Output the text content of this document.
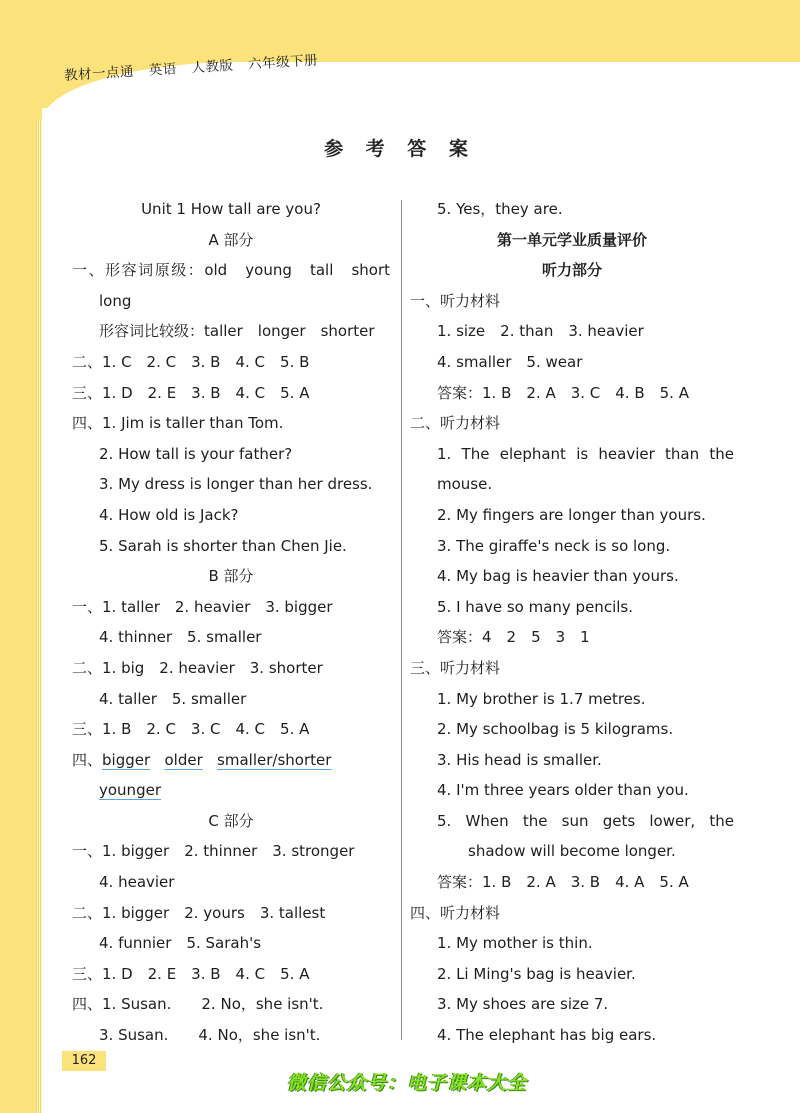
教材一点通 英语 人教版 六年级下册
参 考 答 案
Unit 1 How tall are you?
A 部分
一、形容词原级：old　young　tall　short
long
形容词比较级：taller　longer　shorter
二、1. C　2. C　3. B　4. C　5. B
三、1. D　2. E　3. B　4. C　5. A
四、1. Jim is taller than Tom.
2. How tall is your father?
3. My dress is longer than her dress.
4. How old is Jack?
5. Sarah is shorter than Chen Jie.
B 部分
一、1. taller　2. heavier　3. bigger
4. thinner　5. smaller
二、1. big　2. heavier　3. shorter
4. taller　5. smaller
三、1. B　2. C　3. C　4. C　5. A
四、bigger older smaller/shorter
younger
C 部分
一、1. bigger　2. thinner　3. stronger
4. heavier
二、1. bigger　2. yours　3. tallest
4. funnier　5. Sarah's
三、1. D　2. E　3. B　4. C　5. A
四、1. Susan.　　2. No，she isn't.
3. Susan.　　4. No，she isn't.
5. Yes，they are.
第一单元学业质量评价
听力部分
一、听力材料
1. size　2. than　3. heavier
4. smaller　5. wear
答案：1. B　2. A　3. C　4. B　5. A
二、听力材料
1. The elephant is heavier than the
mouse.
2. My fingers are longer than yours.
3. The giraffe's neck is so long.
4. My bag is heavier than yours.
5. I have so many pencils.
答案：4　2　5　3　1
三、听力材料
1. My brother is 1.7 metres.
2. My schoolbag is 5 kilograms.
3. His head is smaller.
4. I'm three years older than you.
5. When the sun gets lower, the
shadow will become longer.
答案：1. B　2. A　3. B　4. A　5. A
四、听力材料
1. My mother is thin.
2. Li Ming's bag is heavier.
3. My shoes are size 7.
4. The elephant has big ears.
162
微信公众号：电子课本大全
